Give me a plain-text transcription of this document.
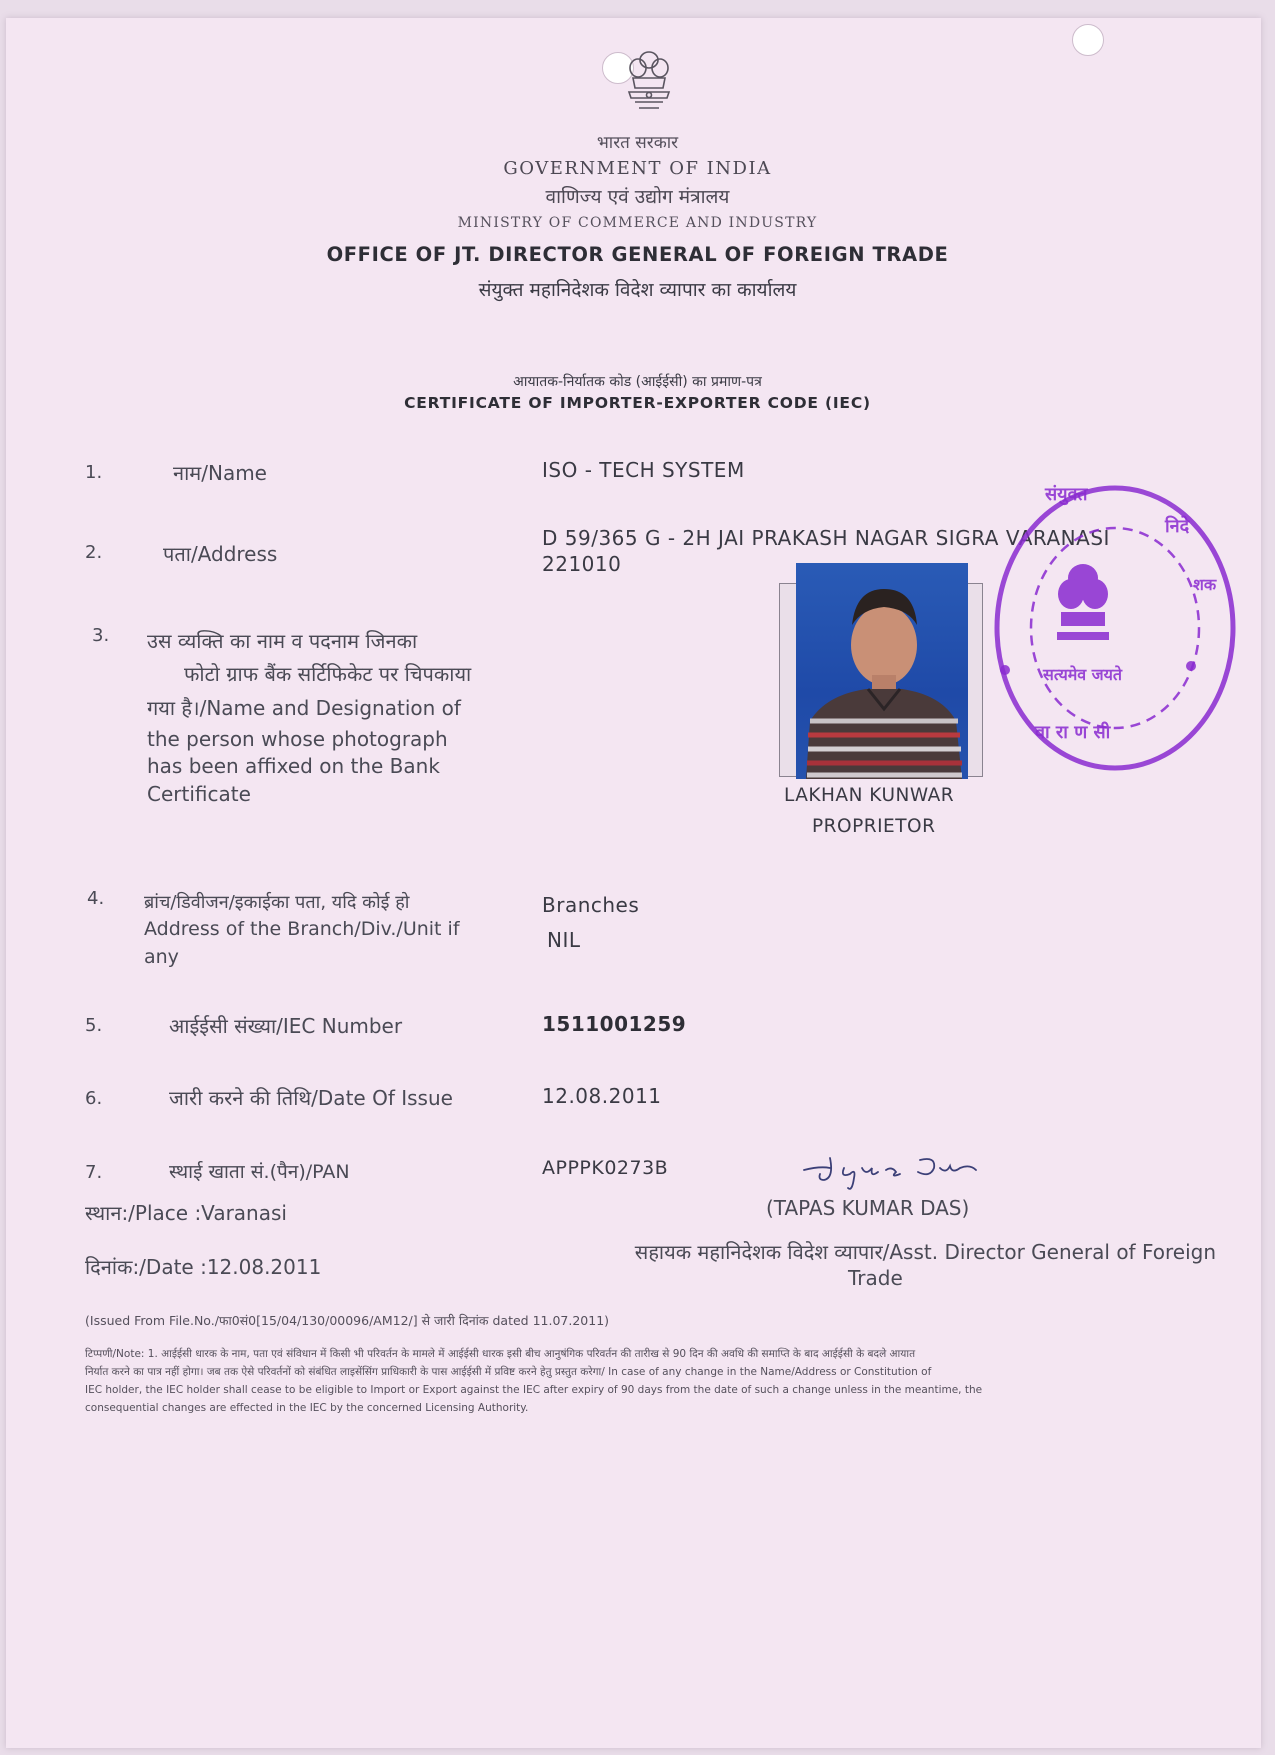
भारत सरकार
GOVERNMENT OF INDIA
वाणिज्य एवं उद्योग मंत्रालय
MINISTRY OF COMMERCE AND INDUSTRY
OFFICE OF JT. DIRECTOR GENERAL OF FOREIGN TRADE
संयुक्त महानिदेशक विदेश व्यापार का कार्यालय
आयातक-निर्यातक कोड (आईईसी) का प्रमाण-पत्र
CERTIFICATE OF IMPORTER-EXPORTER CODE (IEC)
1.	नाम/Name	ISO - TECH SYSTEM
2.	पता/Address
D 59/365 G - 2H JAI PRAKASH NAGAR SIGRA VARANASI
221010
3. उस व्यक्ति का नाम व पदनाम जिनका
फोटो ग्राफ बैंक सर्टिफिकेट पर चिपकाया
गया है।/Name and Designation of
the person whose photograph
has been affixed on the Bank
Certificate
संयुक्त
निदे
शक
सत्यमेव जयते
वा रा ण सी
LAKHAN KUNWAR
PROPRIETOR
4. ब्रांच/डिवीजन/इकाईका पता, यदि कोई हो
Address of the Branch/Div./Unit if
any
Branches
NIL
5.	आईईसी संख्या/IEC Number	1511001259
6.	जारी करने की तिथि/Date Of Issue	12.08.2011
7.	स्थाई खाता सं.(पैन)/PAN	APPPK0273B
स्थान:/Place :Varanasi	(TAPAS KUMAR DAS)
दिनांक:/Date :12.08.2011
सहायक महानिदेशक विदेश व्यापार/Asst. Director General of Foreign
Trade
(Issued From File.No./फा0सं0[15/04/130/00096/AM12/] से जारी दिनांक dated 11.07.2011)
टिप्पणी/Note: 1. आईईसी धारक के नाम, पता एवं संविधान में किसी भी परिवर्तन के मामले में आईईसी धारक इसी बीच आनुषंगिक परिवर्तन की तारीख से 90 दिन की अवधि की समाप्ति के बाद आईईसी के बदले आयात
निर्यात करने का पात्र नहीं होगा। जब तक ऐसे परिवर्तनों को संबंधित लाइसेंसिंग प्राधिकारी के पास आईईसी में प्रविष्ट करने हेतु प्रस्तुत करेगा/ In case of any change in the Name/Address or Constitution of
IEC holder, the IEC holder shall cease to be eligible to Import or Export against the IEC after expiry of 90 days from the date of such a change unless in the meantime, the
consequential changes are effected in the IEC by the concerned Licensing Authority.
